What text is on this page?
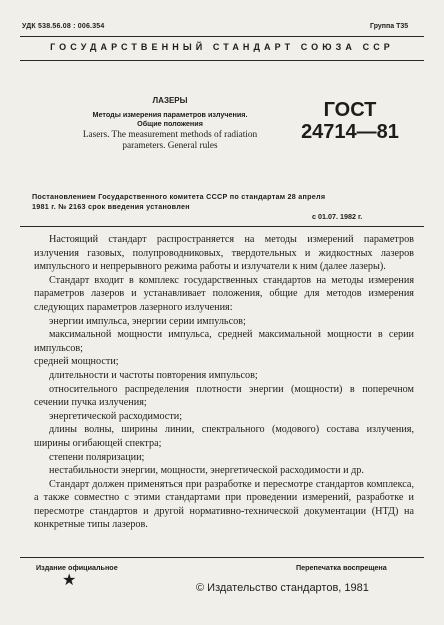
УДК 538.56.08 : 006.354	Группа Т35
ГОСУДАРСТВЕННЫЙ СТАНДАРТ СОЮЗА ССР
ЛАЗЕРЫ
Методы измерения параметров излучения.
Общие положения
Lasers. The measurement methods of radiation
parameters. General rules
ГОСТ
24714—81
Постановлением Государственного комитета СССР по стандартам 28 апреля
1981 г. № 2163 срок введения установлен
с 01.07. 1982 г.

Настоящий стандарт распространяется на методы измерений параметров излучения газовых, полупроводниковых, твердотельных и жидкостных лазеров импульсного и непрерывного режима работы и излучатели к ним (далее лазеры).

Стандарт входит в комплекс государственных стандартов на методы измерения параметров лазеров и устанавливает положения, общие для методов измерения следующих параметров лазерного излучения:

энергии импульса, энергии серии импульсов;

максимальной мощности импульса, средней максимальной мощности в серии импульсов;

средней мощности;

длительности и частоты повторения импульсов;

относительного распределения плотности энергии (мощности) в поперечном сечении пучка излучения;

энергетической расходимости;

длины волны, ширины линии, спектрального (модового) состава излучения, ширины огибающей спектра;

степени поляризации;

нестабильности энергии, мощности, энергетической расходимости и др.

Стандарт должен применяться при разработке и пересмотре стандартов комплекса, а также совместно с этими стандартами при проведении измерений, разработке и пересмотре стандартов и другой нормативно-технической документации (НТД) на конкретные типы лазеров.

Издание официальное	Перепечатка воспрещена
★	© Издательство стандартов, 1981
